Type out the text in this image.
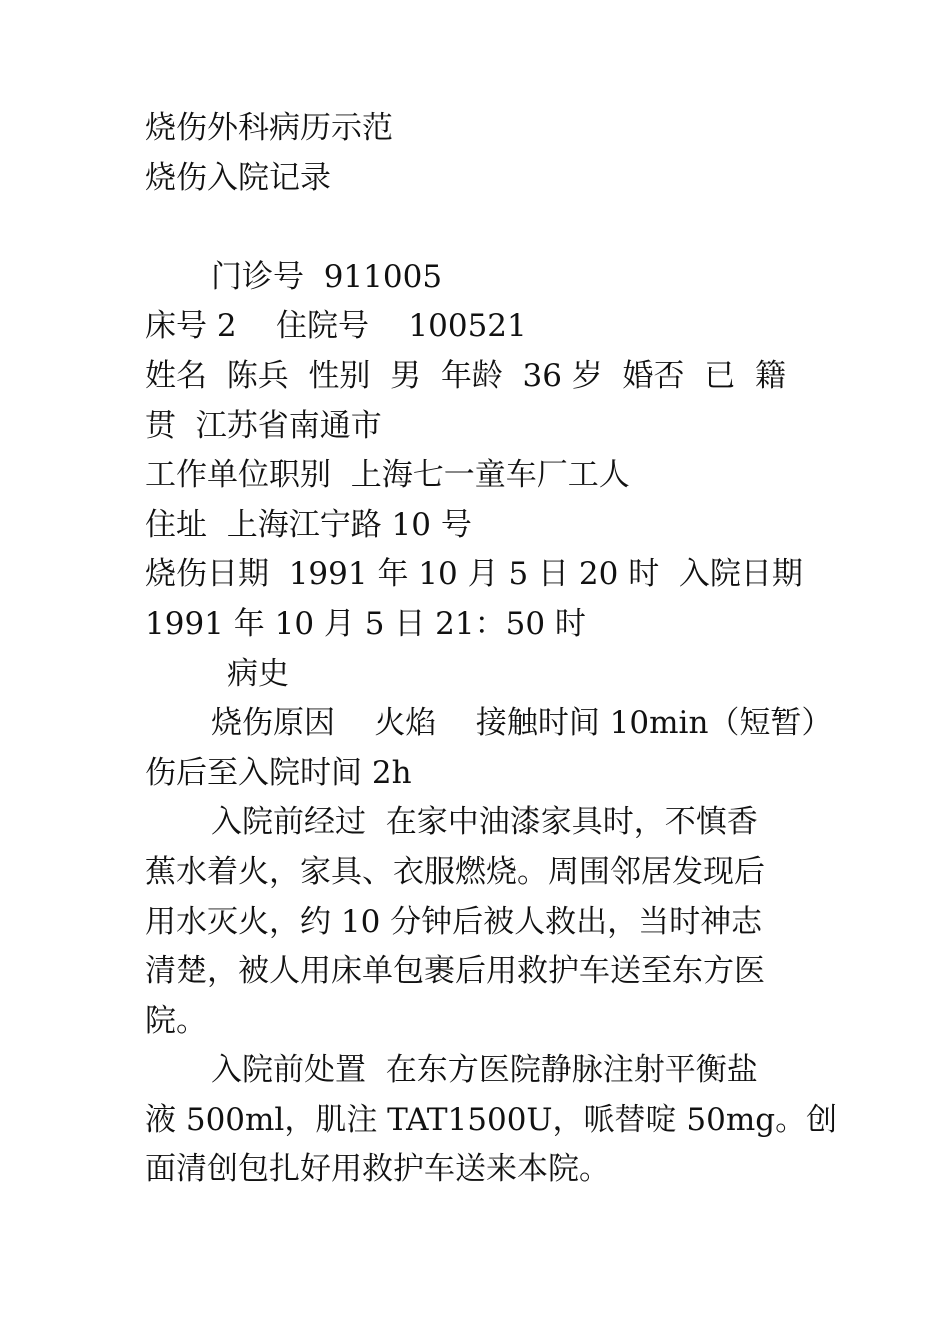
烧伤外科病历示范

烧伤入院记录

门诊号  911005

床号 2    住院号    100521

姓名  陈兵  性别  男  年龄  36 岁  婚否  已  籍

贯  江苏省南通市

工作单位职别  上海七一童车厂工人

住址  上海江宁路 10 号

烧伤日期  1991 年 10 月 5 日 20 时  入院日期

1991 年 10 月 5 日 21：50 时

病史

烧伤原因    火焰    接触时间 10min（短暂）

伤后至入院时间 2h

入院前经过  在家中油漆家具时，不慎香

蕉水着火，家具、衣服燃烧。周围邻居发现后

用水灭火，约 10 分钟后被人救出，当时神志

清楚，被人用床单包裹后用救护车送至东方医

院。

入院前处置  在东方医院静脉注射平衡盐

液 500ml，肌注 TAT1500U，哌替啶 50mg。创

面清创包扎好用救护车送来本院。
